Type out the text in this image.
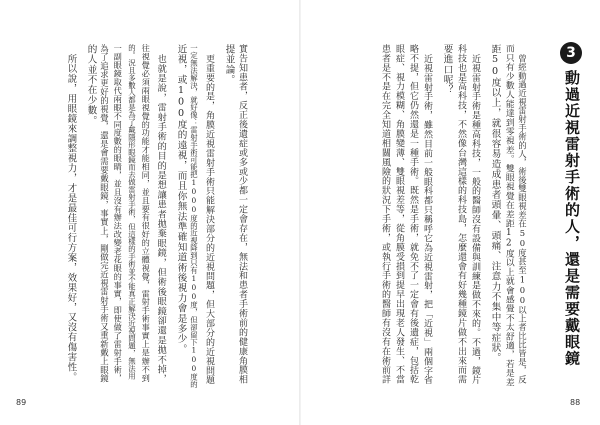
實告知患者，反正後遺症或多或少都一定會存在，無法和患者手術前的健康角膜相
提並論。
更重要的是，角膜近視雷射手術只能解決部分的近視問題，但大部分的近視問題
一定無法解決，就好像：雷射手術可能把1000度的近視降到只有100度，但卻留下100度的
近視，或100度的遠視，而且你無法準確知道術後視力會是多少。
也就是說，雷射手術的目的是想讓患者拋棄眼鏡，但術後眼鏡卻還是拋不掉，
往視覺必須兩眼視覺的功能才能相同，並且要有很好的立體視覺，雷射手術事實上是辦不到
的。況且多數人都是為了戴隱形眼鏡而去做雷射手術，但這樣的手術並不能真正解決近視問題，無法用
一副眼鏡取代兩眼不同度數的眼睛，並且沒有辦法改變老花眼的事實，即使做了雷射手術，
為了追求更好的視覺，還是會需要戴眼鏡，事實上，剛做完近視雷射手術又重新戴上眼鏡
的人並不在少數。
所以說，用眼鏡來調整視力，才是最佳可行方案，效果好，又沒有傷害性。
89
3
動過近視雷射手術的人，還是需要戴眼鏡
曾經動過近視雷射手術的人，術後雙眼視差在50度甚至100以上者比比皆是，反
而只有少數人能達到零視差。雙眼視覺在差距12度以上就會感覺不太舒適，若是差
距50度以上，就很容易造成患者頭暈、頭痛、注意力不集中等症狀。
近視雷射手術是種高科技，一般的醫師沒有設備與訓練是做不來的。不過，鏡片
科技也是高科技，不然像台灣這樣的科技島，怎麼還會有好幾種鏡片做不出來而需
要進口呢？
近視雷射手術，雖然目前一般眼科都只稱呼它為近視雷射，把「近視」兩個字省
略不提，但它仍然還是一種手術。既然是手術，就免不了一定會有後遺症，包括乾
眼症、視力模糊、角膜變薄、雙眼視差等，從角膜受損到提早出現老人發生、不當
患者是不是在完全知道相關風險的狀況下手術，或執行手術的醫師有沒有在術前詳
88
